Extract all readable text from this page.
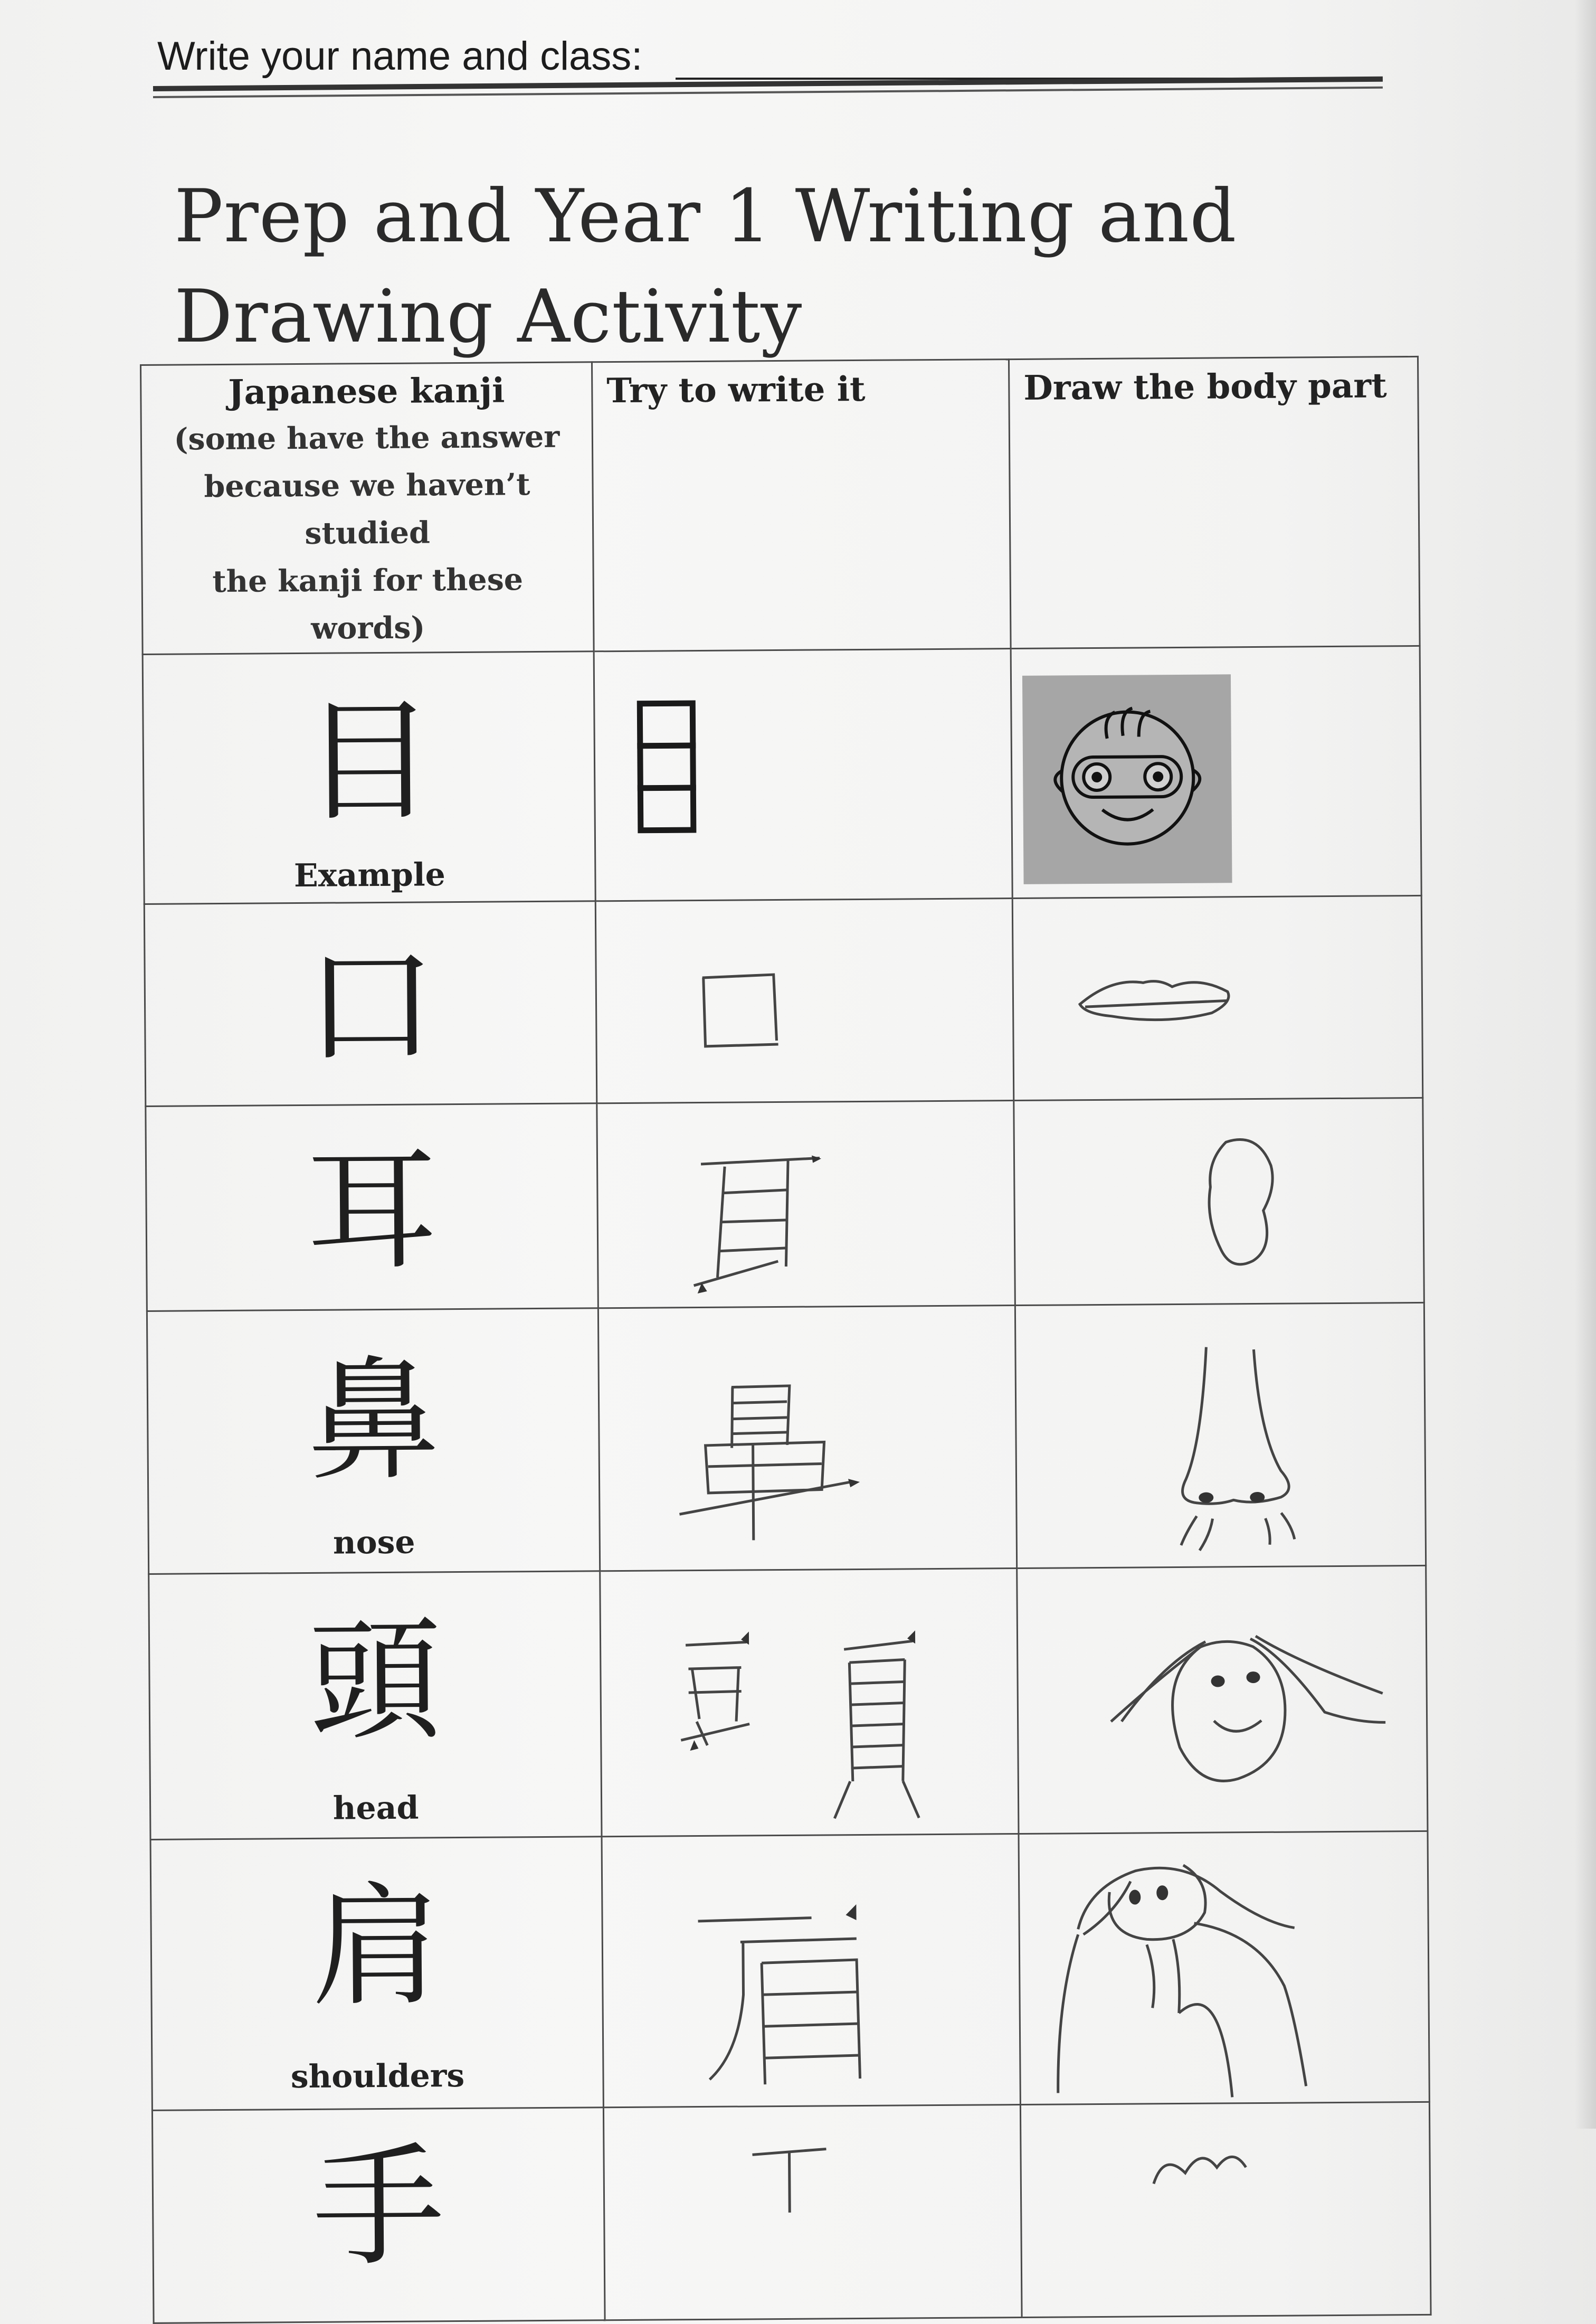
Write your name and class:
Prep and Year 1 Writing and
Drawing Activity
Japanese kanji
(some have the answer
because we haven’t studied
the kanji for these words)	Try to write it	Draw the body part

目
Example

口

耳

鼻
nose

頭
head

肩
shoulders

手
